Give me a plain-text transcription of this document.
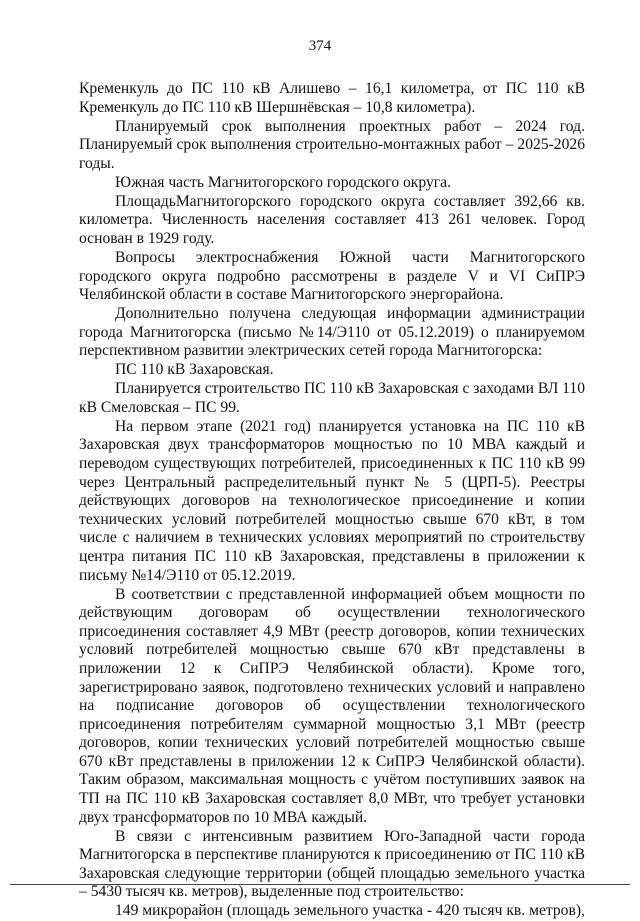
374

Кременкуль до ПС 110 кВ Алишево – 16,1 километра, от ПС 110 кВ Кременкуль до ПС 110 кВ Шершнёвская – 10,8 километра).

Планируемый срок выполнения проектных работ – 2024 год. Планируемый срок выполнения строительно-монтажных работ – 2025-2026 годы.

Южная часть Магнитогорского городского округа.

ПлощадьМагнитогорского городского округа составляет 392,66 кв. километра. Численность населения составляет 413 261 человек. Город основан в 1929 году.

Вопросы электроснабжения Южной части Магнитогорского городского округа подробно рассмотрены в разделе V и VI СиПРЭ Челябинской области в составе Магнитогорского энергорайона.

Дополнительно получена следующая информации администрации города Магнитогорска (письмо №14/Э110 от 05.12.2019) о планируемом перспективном развитии электрических сетей города Магнитогорска:

ПС 110 кВ Захаровская.

Планируется строительство ПС 110 кВ Захаровская с заходами ВЛ 110 кВ Смеловская – ПС 99.

На первом этапе (2021 год) планируется установка на ПС 110 кВ Захаровская двух трансформаторов мощностью по 10 МВА каждый и переводом существующих потребителей, присоединенных к ПС 110 кВ 99 через Центральный распределительный пункт № 5 (ЦРП-5). Реестры действующих договоров на технологическое присоединение и копии технических условий потребителей мощностью свыше 670 кВт, в том числе с наличием в технических условиях мероприятий по строительству центра питания ПС 110 кВ Захаровская, представлены в приложении к письму №14/Э110 от 05.12.2019.

В соответствии с представленной информацией объем мощности по действующим договорам об осуществлении технологического присоединения составляет 4,9 МВт (реестр договоров, копии технических условий потребителей мощностью свыше 670 кВт представлены в приложении 12 к СиПРЭ Челябинской области). Кроме того, зарегистрировано заявок, подготовлено технических условий и направлено на подписание договоров об осуществлении технологического присоединения потребителям суммарной мощностью 3,1 МВт (реестр договоров, копии технических условий потребителей мощностью свыше 670 кВт представлены в приложении 12 к СиПРЭ Челябинской области). Таким образом, максимальная мощность с учётом поступивших заявок на ТП на ПС 110 кВ Захаровская составляет 8,0 МВт, что требует установки двух трансформаторов по 10 МВА каждый.

В связи с интенсивным развитием Юго-Западной части города Магнитогорска в перспективе планируются к присоединению от ПС 110 кВ Захаровская следующие территории (общей площадью земельного участка – 5430 тысяч кв. метров), выделенные под строительство:

149 микрорайон (площадь земельного участка - 420 тысяч кв. метров),
